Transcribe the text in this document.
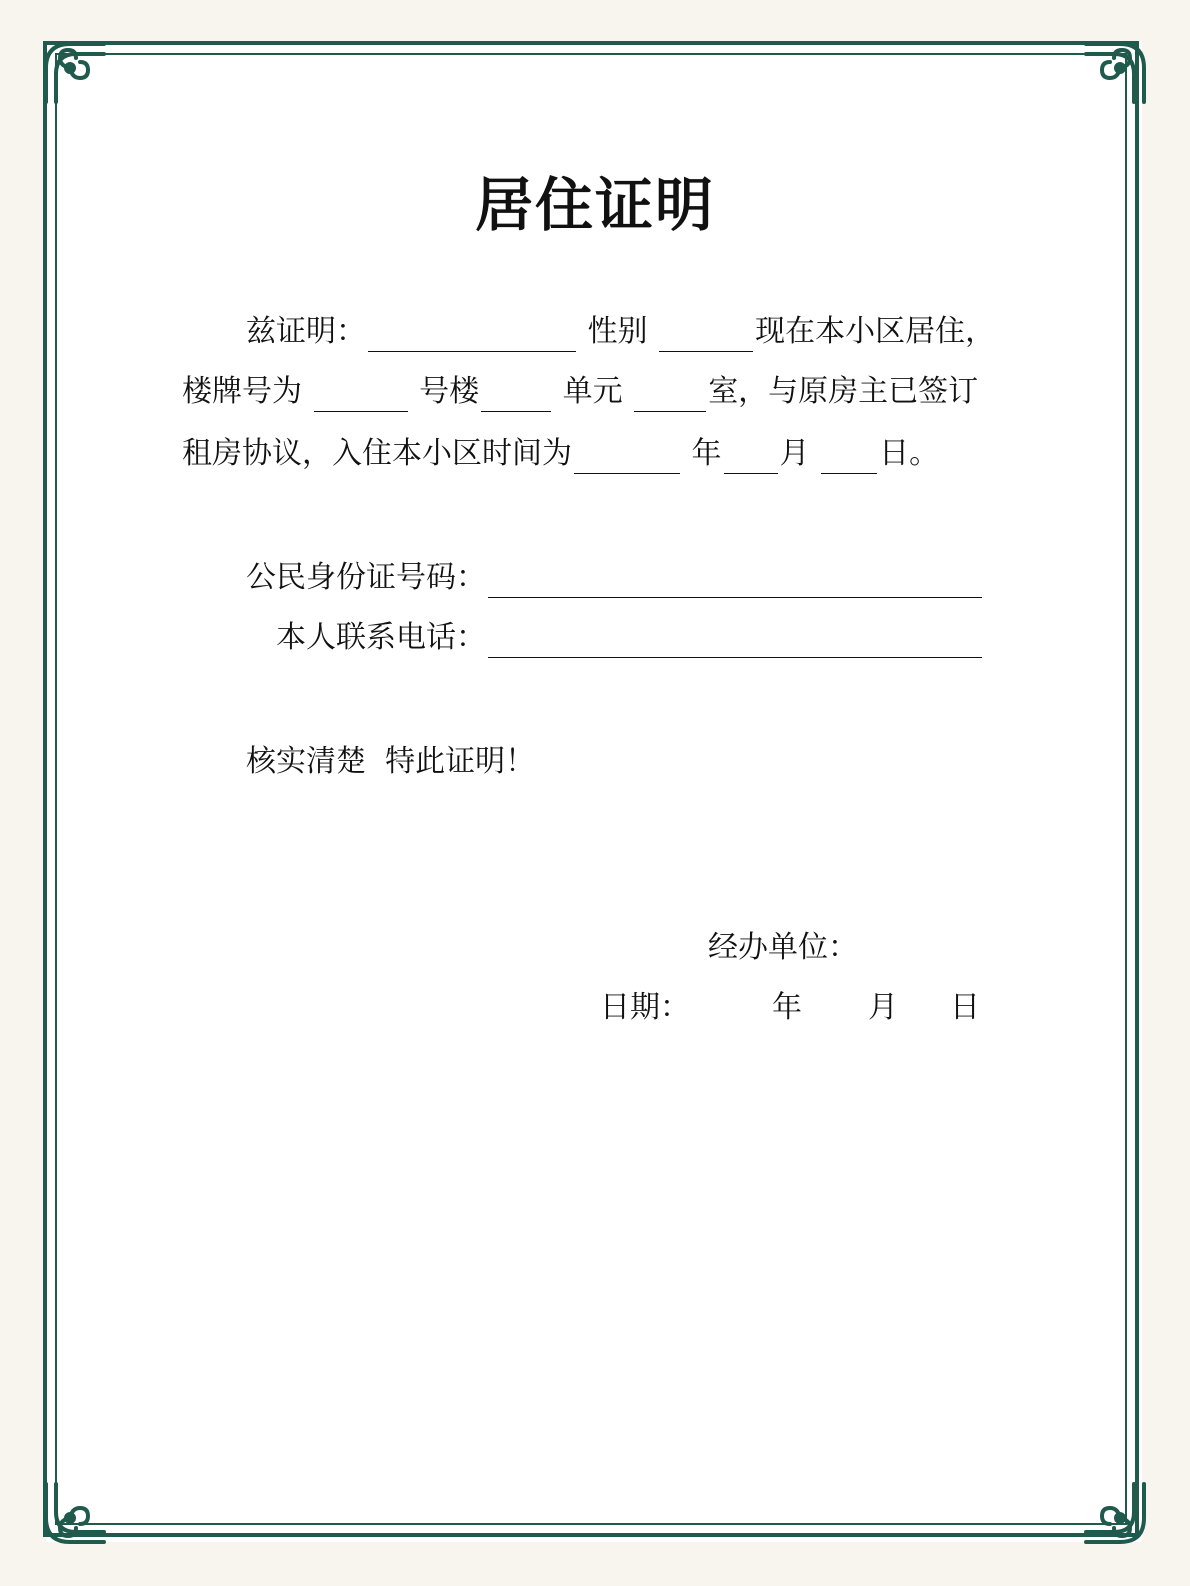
居住证明
兹证明：	性别	现在本小区居住，
楼牌号为	号楼	单元	室，与原房主已签订
租房协议，入住本小区时间为	年 月 日。
公民身份证号码：
本人联系电话：
核实清楚  特此证明！
经办单位：
日期：	年 月 日
